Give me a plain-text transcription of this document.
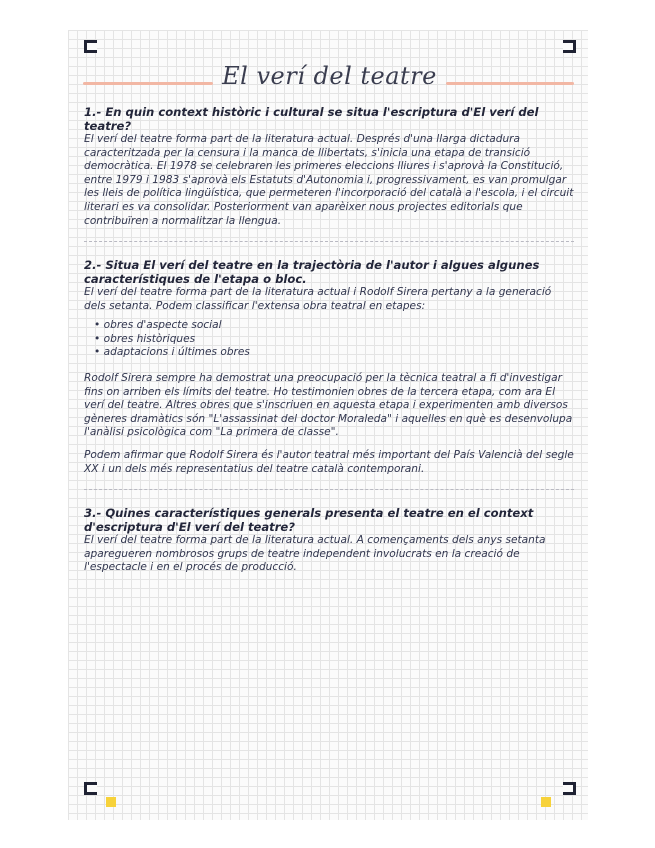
El verí del teatre

1.- En quin context històric i cultural se situa l'escriptura d'El verí del teatre?

El verí del teatre forma part de la literatura actual. Després d'una llarga dictadura caracteritzada per la censura i la manca de llibertats, s'inicia una etapa de transició democràtica. El 1978 se celebraren les primeres eleccions lliures i s'aprovà la Constitució, entre 1979 i 1983 s'aprovà els Estatuts d'Autonomia i, progressivament, es van promulgar les lleis de política lingüística, que permeteren l'incorporació del català a l'escola, i el circuit literari es va consolidar. Posteriorment van aparèixer nous projectes editorials que contribuïren a normalitzar la llengua.

2.- Situa El verí del teatre en la trajectòria de l'autor i algues algunes característiques de l'etapa o bloc.

El verí del teatre forma part de la literatura actual i Rodolf Sirera pertany a la generació dels setanta. Podem classificar l'extensa obra teatral en etapes:

• obres d'aspecte social
• obres històriques
• adaptacions i últimes obres

Rodolf Sirera sempre ha demostrat una preocupació per la tècnica teatral a fi d'investigar fins on arriben els límits del teatre. Ho testimonien obres de la tercera etapa, com ara El verí del teatre. Altres obres que s'inscriuen en aquesta etapa i experimenten amb diversos gèneres dramàtics són "L'assassinat del doctor Moraleda" i aquelles en què es desenvolupa l'anàlisi psicològica com "La primera de classe".

Podem afirmar que Rodolf Sirera és l'autor teatral més important del País Valencià del segle XX i un dels més representatius del teatre català contemporani.

3.- Quines característiques generals presenta el teatre en el context d'escriptura d'El verí del teatre?

El verí del teatre forma part de la literatura actual. A començaments dels anys setanta aparegueren nombrosos grups de teatre independent involucrats en la creació de l'espectacle i en el procés de producció.
